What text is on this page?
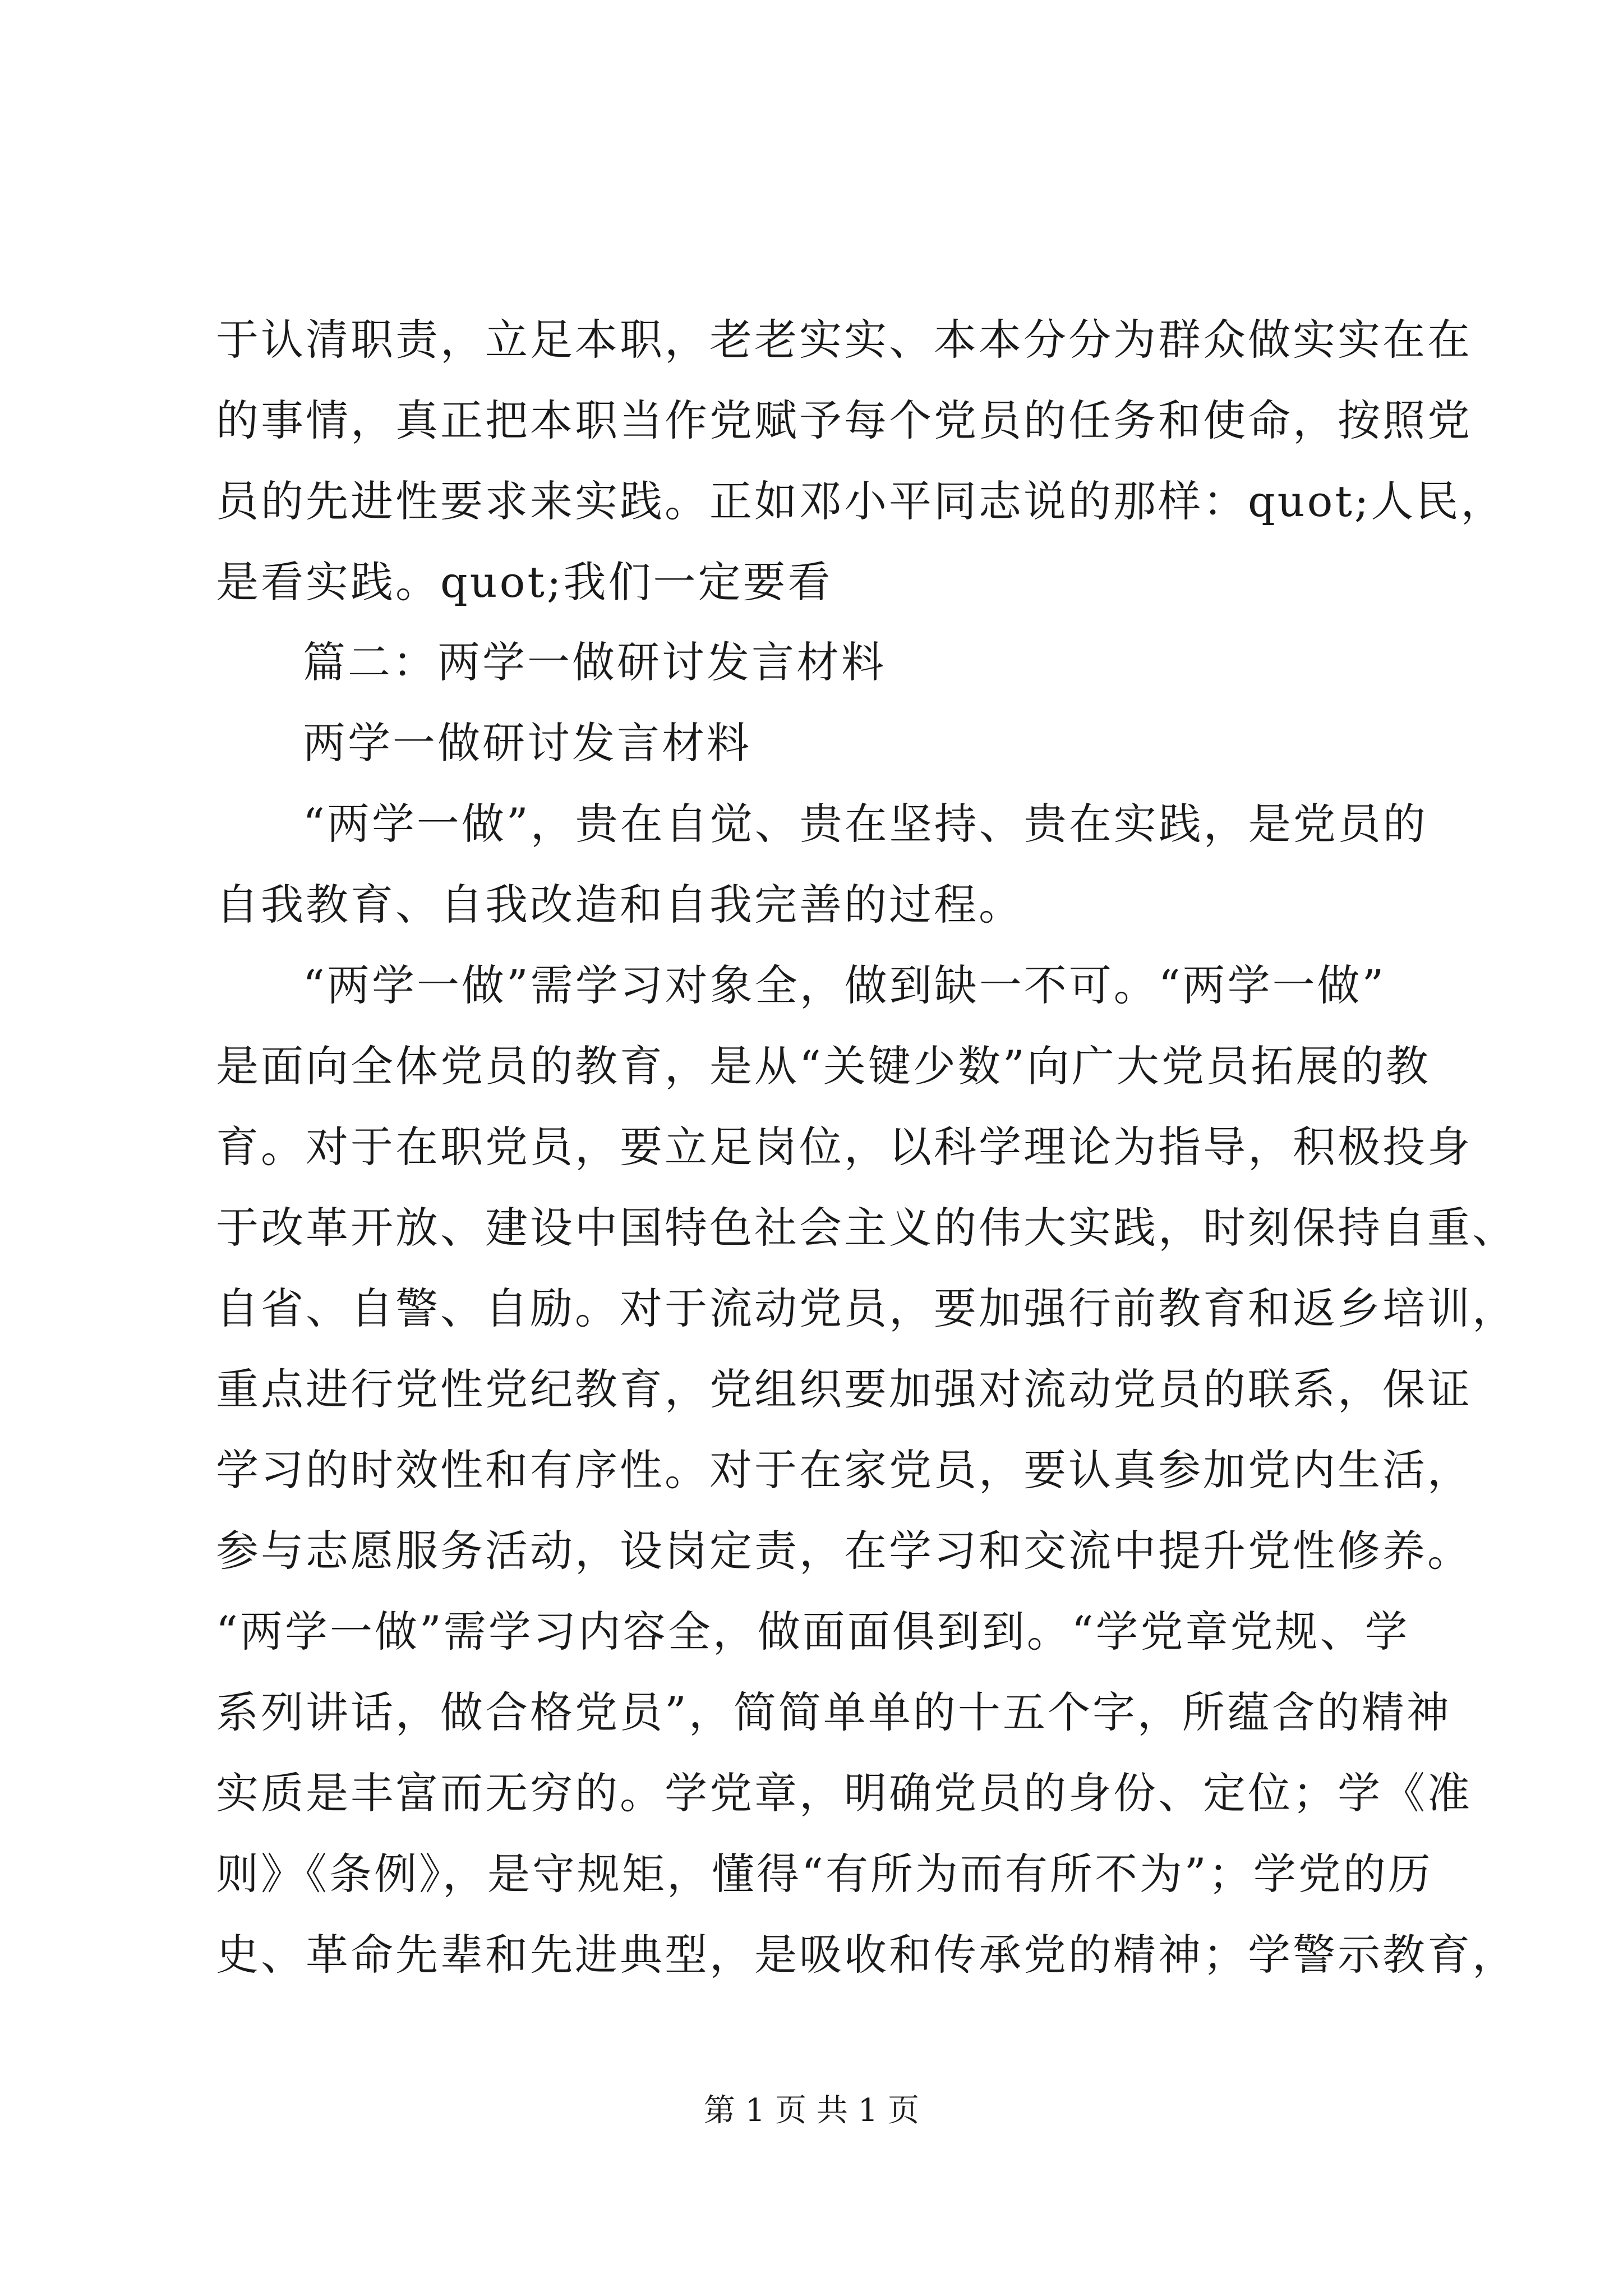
于认清职责，立足本职，老老实实、本本分分为群众做实实在在

的事情，真正把本职当作党赋予每个党员的任务和使命，按照党

员的先进性要求来实践。正如邓小平同志说的那样：quot;人民，

是看实践。quot;我们一定要看

篇二：两学一做研讨发言材料

两学一做研讨发言材料

“两学一做”，贵在自觉、贵在坚持、贵在实践，是党员的

自我教育、自我改造和自我完善的过程。

“两学一做”需学习对象全，做到缺一不可。“两学一做”

是面向全体党员的教育，是从“关键少数”向广大党员拓展的教

育。对于在职党员，要立足岗位，以科学理论为指导，积极投身

于改革开放、建设中国特色社会主义的伟大实践，时刻保持自重、

自省、自警、自励。对于流动党员，要加强行前教育和返乡培训，

重点进行党性党纪教育，党组织要加强对流动党员的联系，保证

学习的时效性和有序性。对于在家党员，要认真参加党内生活，

参与志愿服务活动，设岗定责，在学习和交流中提升党性修养。

“两学一做”需学习内容全，做面面俱到到。“学党章党规、学

系列讲话，做合格党员”，简简单单的十五个字，所蕴含的精神

实质是丰富而无穷的。学党章，明确党员的身份、定位；学《准

则》《条例》，是守规矩，懂得“有所为而有所不为”；学党的历

史、革命先辈和先进典型，是吸收和传承党的精神；学警示教育，

第 1 页 共 1 页
